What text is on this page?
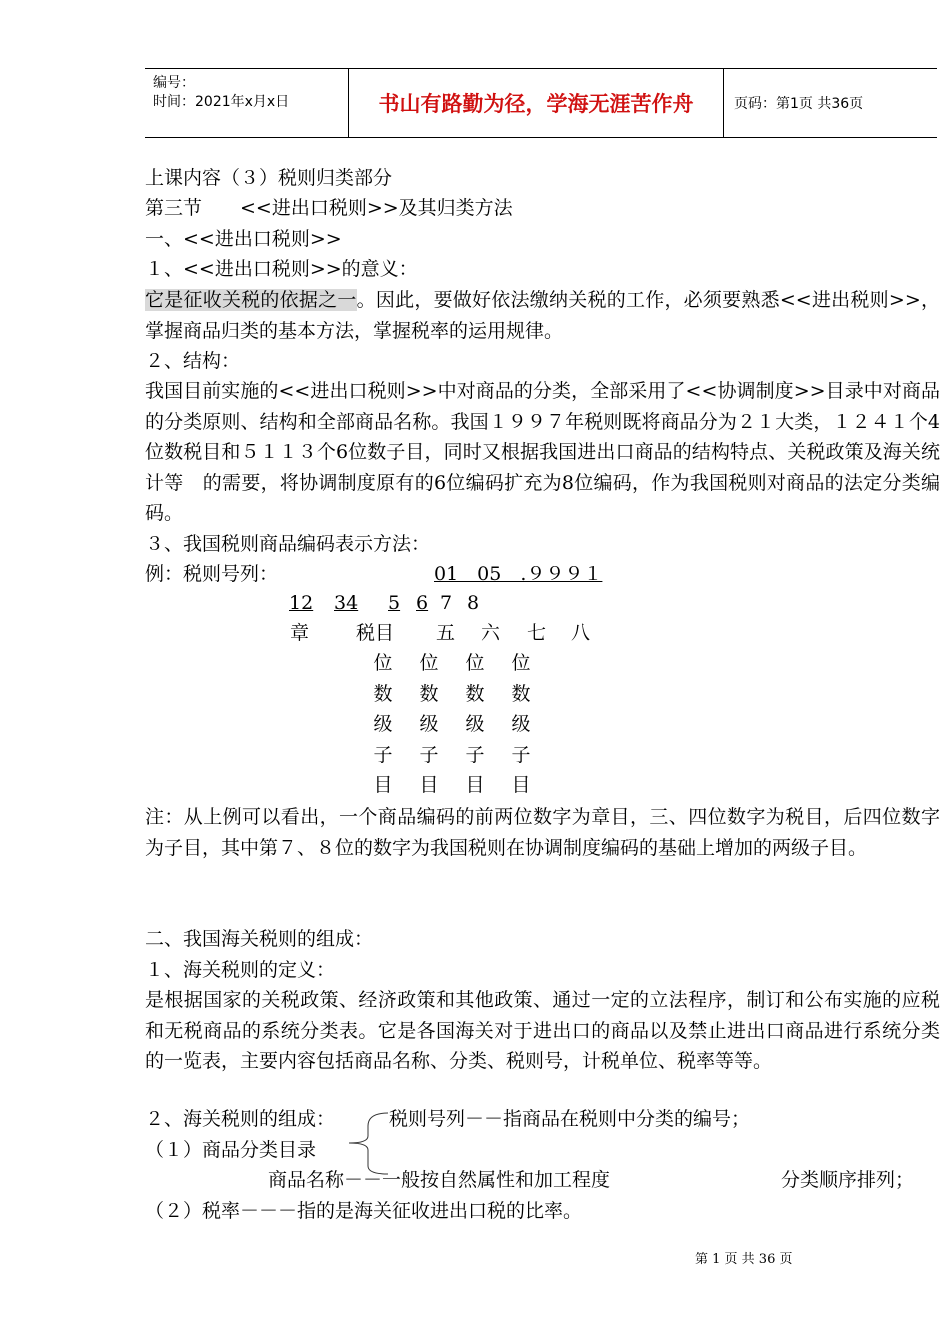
编号：
时间：2021年x月x日	书山有路勤为径，学海无涯苦作舟	页码：第1页 共36页
上课内容（３）税则归类部分
第三节　　<<进出口税则>>及其归类方法
一、<<进出口税则>>
１、<<进出口税则>>的意义：
它是征收关税的依据之一。因此，要做好依法缴纳关税的工作，必须要熟悉<<进出税则>>，掌握商品归类的基本方法，掌握税率的运用规律。
２、结构：
我国目前实施的<<进出口税则>>中对商品的分类，全部采用了<<协调制度>>目录中对商品的分类原则、结构和全部商品名称。我国１９９７年税则既将商品分为２１大类，１２４１个4位数税目和５１１３个6位数子目，同时又根据我国进出口商品的结构特点、关税政策及海关统计等　的需要，将协调制度原有的6位编码扩充为8位编码，作为我国税则对商品的法定分类编码。
３、我国税则商品编码表示方法：
例：税则号列：	01　05　.９９９１
12 34 5 6 7 8
章 税目 五 六 七 八
位	位	位	位
数	数	数	数
级	级	级	级
子	子	子	子
目	目	目	目
注：从上例可以看出，一个商品编码的前两位数字为章目，三、四位数字为税目，后四位数字为子目，其中第７、８位的数字为我国税则在协调制度编码的基础上增加的两级子目。
二、我国海关税则的组成：
１、海关税则的定义：
是根据国家的关税政策、经济政策和其他政策、通过一定的立法程序，制订和公布实施的应税和无税商品的系统分类表。它是各国海关对于进出口的商品以及禁止进出口商品进行系统分类的一览表，主要内容包括商品名称、分类、税则号，计税单位、税率等等。
２、海关税则的组成：	税则号列－－指商品在税则中分类的编号；
（１）商品分类目录
商品名称－－一般按自然属性和加工程度	分类顺序排列；
（２）税率－－－指的是海关征收进出口税的比率。
第 1 页 共 36 页
